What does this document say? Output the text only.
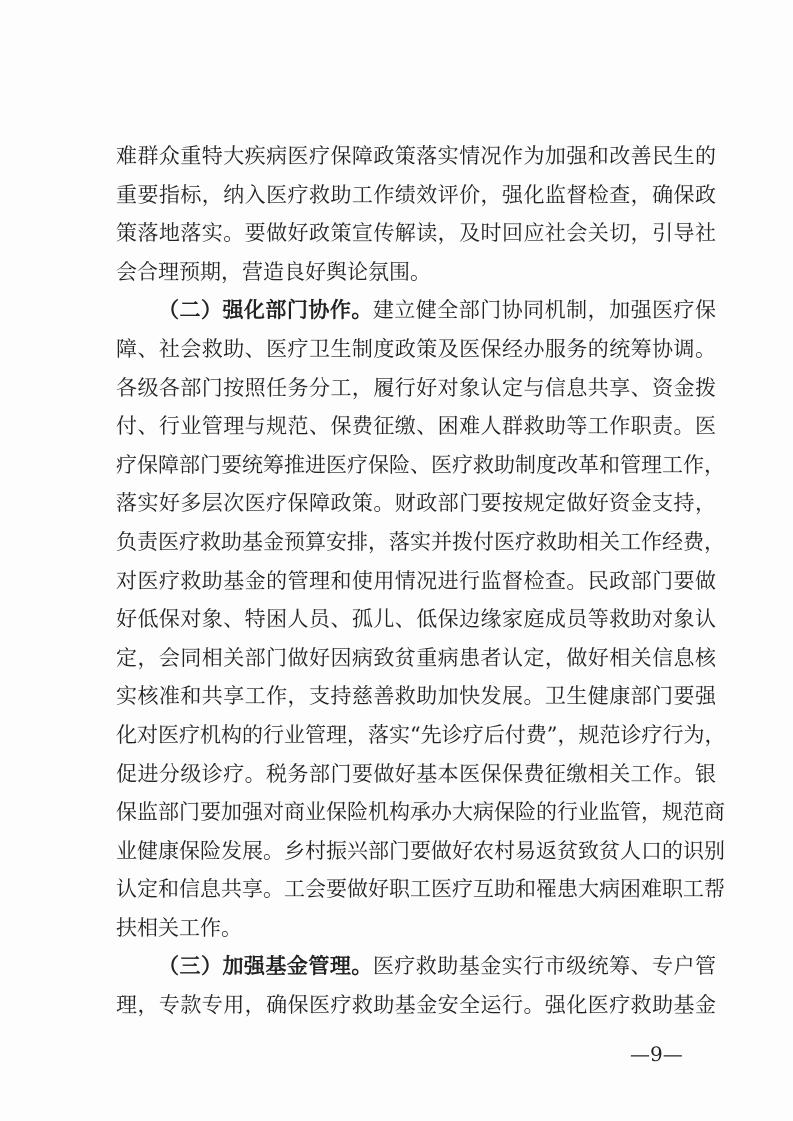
难群众重特大疾病医疗保障政策落实情况作为加强和改善民生的
重要指标，纳入医疗救助工作绩效评价，强化监督检查，确保政
策落地落实。要做好政策宣传解读，及时回应社会关切，引导社
会合理预期，营造良好舆论氛围。
（二）强化部门协作。建立健全部门协同机制，加强医疗保
障、社会救助、医疗卫生制度政策及医保经办服务的统筹协调。
各级各部门按照任务分工，履行好对象认定与信息共享、资金拨
付、行业管理与规范、保费征缴、困难人群救助等工作职责。医
疗保障部门要统筹推进医疗保险、医疗救助制度改革和管理工作，
落实好多层次医疗保障政策。财政部门要按规定做好资金支持，
负责医疗救助基金预算安排，落实并拨付医疗救助相关工作经费，
对医疗救助基金的管理和使用情况进行监督检查。民政部门要做
好低保对象、特困人员、孤儿、低保边缘家庭成员等救助对象认
定，会同相关部门做好因病致贫重病患者认定，做好相关信息核
实核准和共享工作，支持慈善救助加快发展。卫生健康部门要强
化对医疗机构的行业管理，落实“先诊疗后付费”，规范诊疗行为，
促进分级诊疗。税务部门要做好基本医保保费征缴相关工作。银
保监部门要加强对商业保险机构承办大病保险的行业监管，规范商
业健康保险发展。乡村振兴部门要做好农村易返贫致贫人口的识别
认定和信息共享。工会要做好职工医疗互助和罹患大病困难职工帮
扶相关工作。
（三）加强基金管理。医疗救助基金实行市级统筹、专户管
理，专款专用，确保医疗救助基金安全运行。强化医疗救助基金
—9—
